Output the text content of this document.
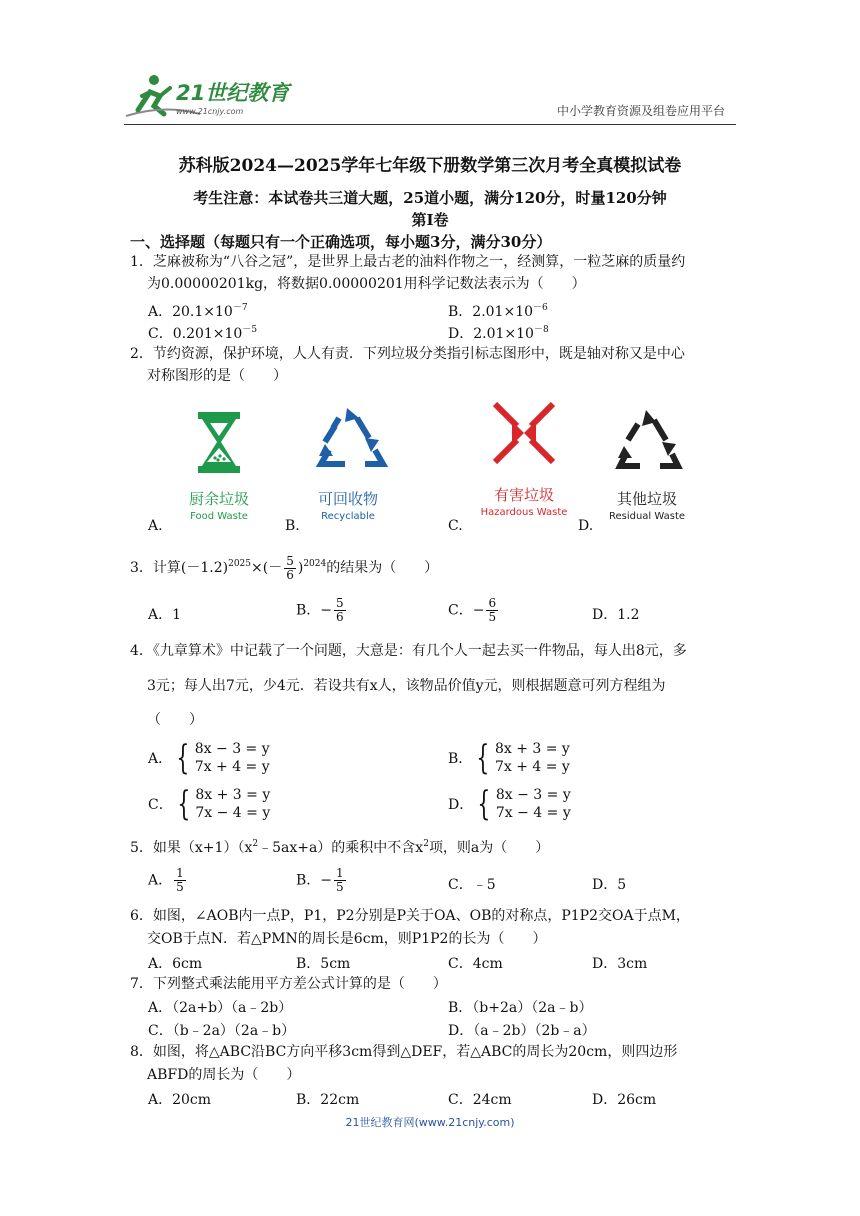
21世纪教育
www.21cnjy.com	中小学教育资源及组卷应用平台
苏科版2024—2025学年七年级下册数学第三次月考全真模拟试卷
考生注意：本试卷共三道大题，25道小题，满分120分，时量120分钟
第I卷
一、选择题（每题只有一个正确选项，每小题3分，满分30分）
1．芝麻被称为“八谷之冠”，是世界上最古老的油料作物之一，经测算，一粒芝麻的质量约
为0.00000201kg，将数据0.00000201用科学记数法表示为（　　）
A．$20.1\times 10^{-7}$	B．$2.01\times 10^{-6}$
C．$0.201\times 10^{-5}$	D．$2.01\times 10^{-8}$
2．节约资源，保护环境，人人有责．下列垃圾分类指引标志图形中，既是轴对称又是中心
对称图形的是（　　）
厨余垃圾
Food Waste
可回收物
Recyclable
有害垃圾
Hazardous Waste
其他垃圾
Residual Waste
A.	B.	C.	D.
3．计算$(-1.2)^{2025}\times(- \frac{5}{6} )^{2024}$的结果为（　　）
A．1	B．− $\frac{5}{6}$	C．− $\frac{6}{5}$	D．1.2
4．《九章算术》中记载了一个问题，大意是：有几个人一起去买一件物品，每人出8元，多
3元；每人出7元，少4元．若设共有x人，该物品价值y元，则根据题意可列方程组为
（　　）
A． { 8x − 3 = y
7x + 4 = y	B． { 8x + 3 = y
7x + 4 = y
C． { 8x + 3 = y
7x − 4 = y	D． { 8x − 3 = y
7x − 4 = y
5．如果$(x+1)(x^2﹣5ax+a)$的乘积中不含$x^2$项，则a为（　　）
A． $\frac{1}{5}$	B．− $\frac{1}{5}$	C．﹣5	D．5
6．如图，∠AOB内一点P，P1，P2分别是P关于OA、OB的对称点，P1P2交OA于点M，
交OB于点N．若△PMN的周长是6cm，则P1P2的长为（　　）
A．6cm	B．5cm	C．4cm	D．3cm
7．下列整式乘法能用平方差公式计算的是（　　）
A．（2a+b）（a﹣2b）	B．（b+2a）（2a﹣b）
C．（b﹣2a）（2a﹣b）	D．（a﹣2b）（2b﹣a）
8．如图，将△ABC沿BC方向平移3cm得到△DEF，若△ABC的周长为20cm，则四边形
ABFD的周长为（　　）
A．20cm	B．22cm	C．24cm	D．26cm
21世纪教育网(www.21cnjy.com)
